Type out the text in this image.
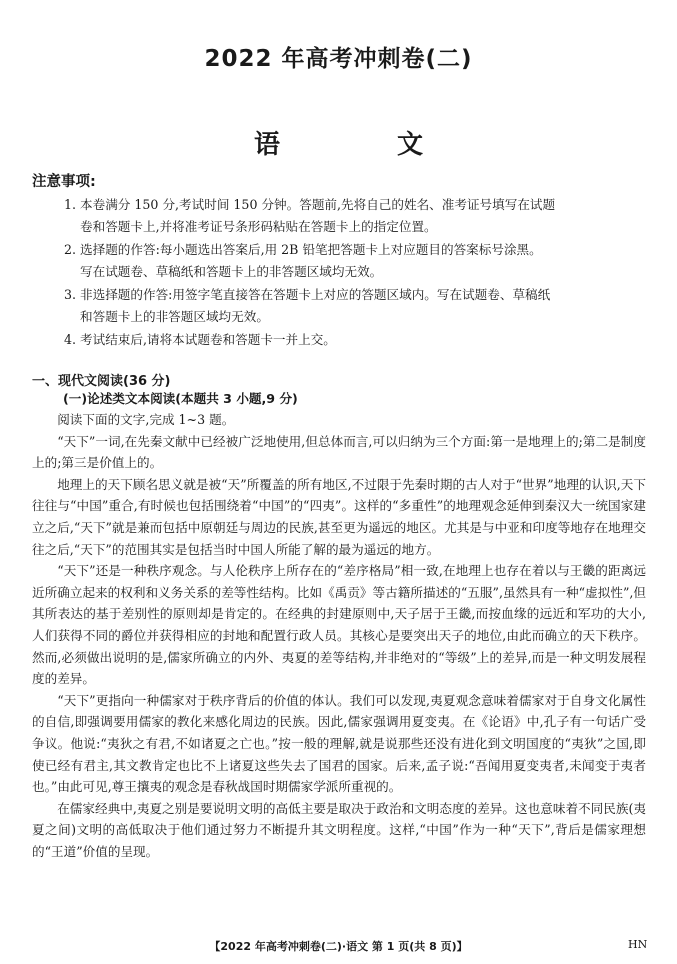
2022 年高考冲刺卷(二)
语 文
注意事项:
1. 本卷满分 150 分,考试时间 150 分钟。答题前,先将自己的姓名、准考证号填写在试题
卷和答题卡上,并将准考证号条形码粘贴在答题卡上的指定位置。
2. 选择题的作答:每小题选出答案后,用 2B 铅笔把答题卡上对应题目的答案标号涂黑。
写在试题卷、草稿纸和答题卡上的非答题区域均无效。
3. 非选择题的作答:用签字笔直接答在答题卡上对应的答题区域内。写在试题卷、草稿纸
和答题卡上的非答题区域均无效。
4. 考试结束后,请将本试题卷和答题卡一并上交。
一、现代文阅读(36 分)
(一)论述类文本阅读(本题共 3 小题,9 分)

阅读下面的文字,完成 1~3 题。

“天下”一词,在先秦文献中已经被广泛地使用,但总体而言,可以归纳为三个方面:第一是地理上的;第二是制度上的;第三是价值上的。

地理上的天下顾名思义就是被“天”所覆盖的所有地区,不过限于先秦时期的古人对于“世界”地理的认识,天下往往与“中国”重合,有时候也包括围绕着“中国”的“四夷”。这样的“多重性”的地理观念延伸到秦汉大一统国家建立之后,“天下”就是兼而包括中原朝廷与周边的民族,甚至更为遥远的地区。尤其是与中亚和印度等地存在地理交往之后,“天下”的范围其实是包括当时中国人所能了解的最为遥远的地方。

“天下”还是一种秩序观念。与人伦秩序上所存在的“差序格局”相一致,在地理上也存在着以与王畿的距离远近所确立起来的权利和义务关系的差等性结构。比如《禹贡》等古籍所描述的“五服”,虽然具有一种“虚拟性”,但其所表达的基于差别性的原则却是肯定的。在经典的封建原则中,天子居于王畿,而按血缘的远近和军功的大小,人们获得不同的爵位并获得相应的封地和配置行政人员。其核心是要突出天子的地位,由此而确立的天下秩序。然而,必须做出说明的是,儒家所确立的内外、夷夏的差等结构,并非绝对的“等级”上的差异,而是一种文明发展程度的差异。

“天下”更指向一种儒家对于秩序背后的价值的体认。我们可以发现,夷夏观念意味着儒家对于自身文化属性的自信,即强调要用儒家的教化来感化周边的民族。因此,儒家强调用夏变夷。在《论语》中,孔子有一句话广受争议。他说:“夷狄之有君,不如诸夏之亡也。”按一般的理解,就是说那些还没有进化到文明国度的“夷狄”之国,即使已经有君主,其文教肯定也比不上诸夏这些失去了国君的国家。后来,孟子说:“吾闻用夏变夷者,未闻变于夷者也。”由此可见,尊王攘夷的观念是春秋战国时期儒家学派所重视的。

在儒家经典中,夷夏之别是要说明文明的高低主要是取决于政治和文明态度的差异。这也意味着不同民族(夷夏之间)文明的高低取决于他们通过努力不断提升其文明程度。这样,“中国”作为一种“天下”,背后是儒家理想的“王道”价值的呈现。

【2022 年高考冲刺卷(二)·语文 第 1 页(共 8 页)】	HN
